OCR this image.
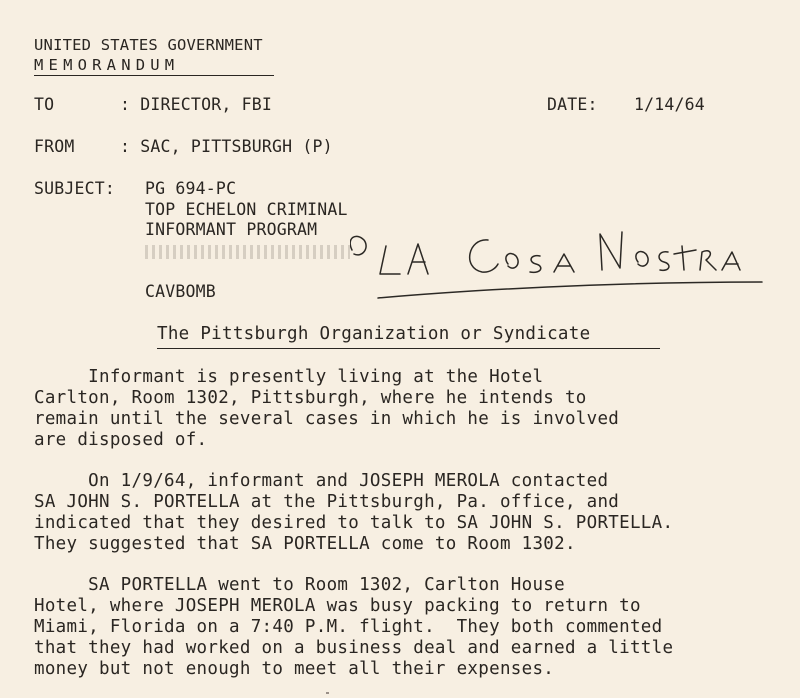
UNITED STATES GOVERNMENT
MEMORANDUM
TO	: DIRECTOR, FBI	DATE: 1/14/64
FROM	: SAC, PITTSBURGH (P)
SUBJECT: PG 694-PC
TOP ECHELON CRIMINAL
INFORMANT PROGRAM
CAVBOMB
The Pittsburgh Organization or Syndicate
Informant is presently living at the Hotel
Carlton, Room 1302, Pittsburgh, where he intends to
remain until the several cases in which he is involved
are disposed of.
On 1/9/64, informant and JOSEPH MEROLA contacted
SA JOHN S. PORTELLA at the Pittsburgh, Pa. office, and
indicated that they desired to talk to SA JOHN S. PORTELLA.
They suggested that SA PORTELLA come to Room 1302.
SA PORTELLA went to Room 1302, Carlton House
Hotel, where JOSEPH MEROLA was busy packing to return to
Miami, Florida on a 7:40 P.M. flight.  They both commented
that they had worked on a business deal and earned a little
money but not enough to meet all their expenses.
